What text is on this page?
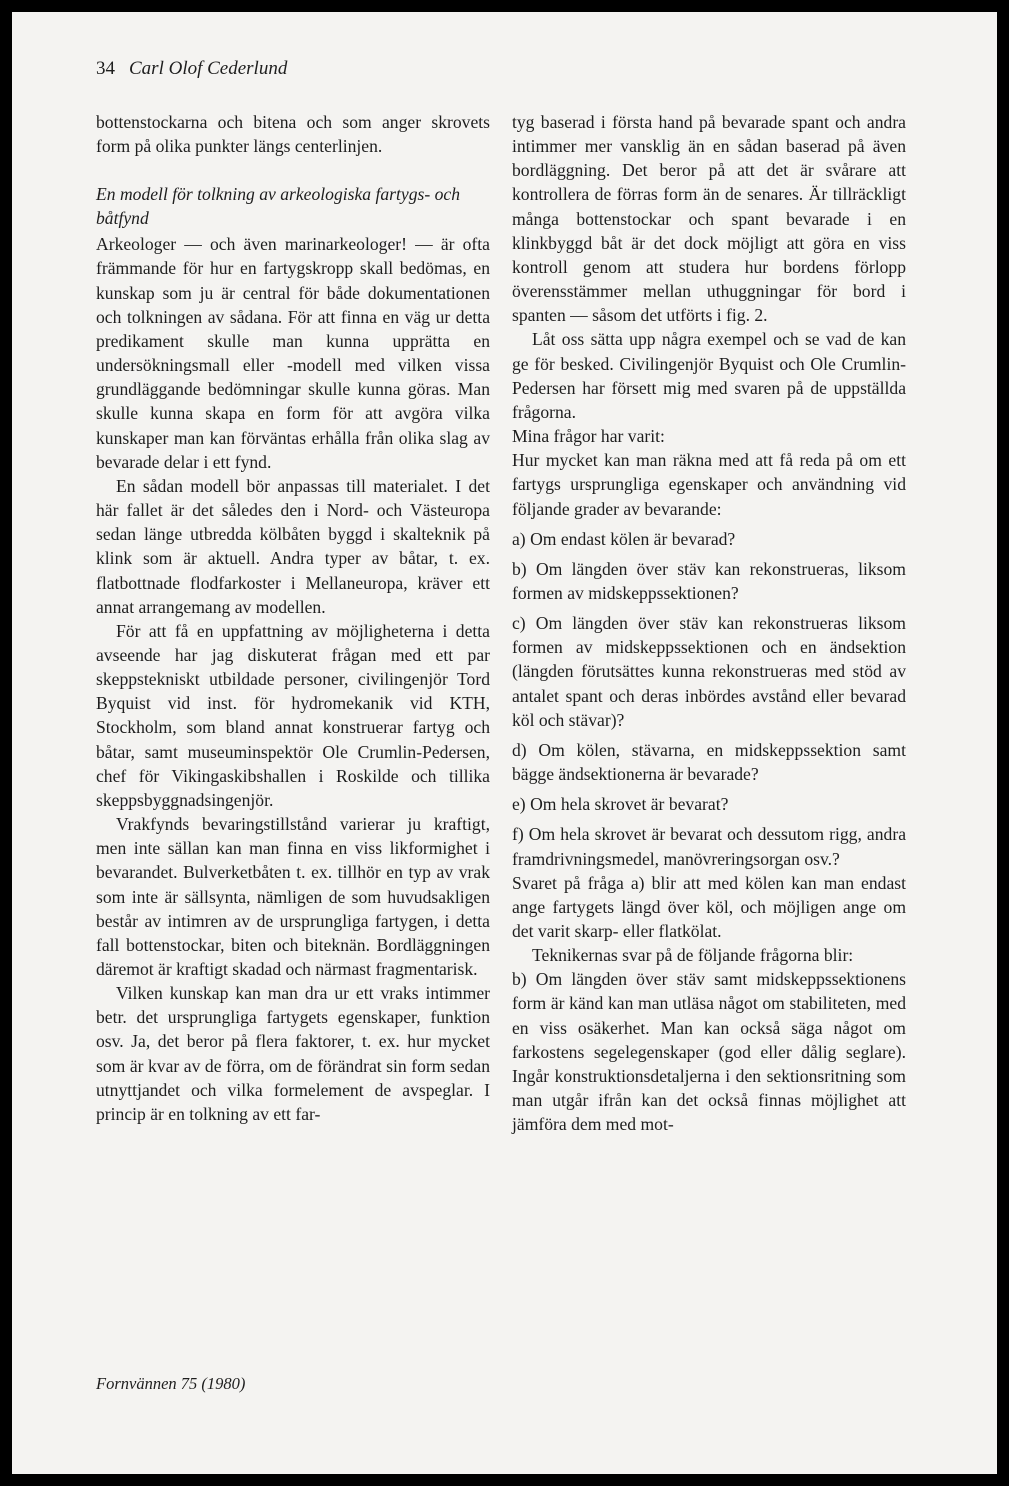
34 Carl Olof Cederlund

bottenstockarna och bitena och som anger skrovets form på olika punkter längs centerlinjen.

En modell för tolkning av arkeologiska fartygs- och båtfynd

Arkeologer — och även marinarkeologer! — är ofta främmande för hur en fartygskropp skall bedömas, en kunskap som ju är central för både dokumentationen och tolkningen av sådana. För att finna en väg ur detta predikament skulle man kunna upprätta en undersökningsmall eller -modell med vilken vissa grundläggande bedömningar skulle kunna göras. Man skulle kunna skapa en form för att avgöra vilka kunskaper man kan förväntas erhålla från olika slag av bevarade delar i ett fynd.

En sådan modell bör anpassas till materialet. I det här fallet är det således den i Nord- och Västeuropa sedan länge utbredda kölbåten byggd i skalteknik på klink som är aktuell. Andra typer av båtar, t. ex. flatbottnade flodfarkoster i Mellaneuropa, kräver ett annat arrangemang av modellen.

För att få en uppfattning av möjligheterna i detta avseende har jag diskuterat frågan med ett par skeppstekniskt utbildade personer, civilingenjör Tord Byquist vid inst. för hydromekanik vid KTH, Stockholm, som bland annat konstruerar fartyg och båtar, samt museuminspektör Ole Crumlin-Pedersen, chef för Vikingaskibshallen i Roskilde och tillika skeppsbyggnadsingenjör.

Vrakfynds bevaringstillstånd varierar ju kraftigt, men inte sällan kan man finna en viss likformighet i bevarandet. Bulverketbåten t. ex. tillhör en typ av vrak som inte är sällsynta, nämligen de som huvudsakligen består av intimren av de ursprungliga fartygen, i detta fall bottenstockar, biten och biteknän. Bordläggningen däremot är kraftigt skadad och närmast fragmentarisk.

Vilken kunskap kan man dra ur ett vraks intimmer betr. det ursprungliga fartygets egenskaper, funktion osv. Ja, det beror på flera faktorer, t. ex. hur mycket som är kvar av de förra, om de förändrat sin form sedan utnyttjandet och vilka formelement de avspeglar. I princip är en tolkning av ett far-

tyg baserad i första hand på bevarade spant och andra intimmer mer vansklig än en sådan baserad på även bordläggning. Det beror på att det är svårare att kontrollera de förras form än de senares. Är tillräckligt många bottenstockar och spant bevarade i en klinkbyggd båt är det dock möjligt att göra en viss kontroll genom att studera hur bordens förlopp överensstämmer mellan uthuggningar för bord i spanten — såsom det utförts i fig. 2.

Låt oss sätta upp några exempel och se vad de kan ge för besked. Civilingenjör Byquist och Ole Crumlin-Pedersen har försett mig med svaren på de uppställda frågorna.

Mina frågor har varit:

Hur mycket kan man räkna med att få reda på om ett fartygs ursprungliga egenskaper och användning vid följande grader av bevarande:

a) Om endast kölen är bevarad?

b) Om längden över stäv kan rekonstrueras, liksom formen av midskeppssektionen?

c) Om längden över stäv kan rekonstrueras liksom formen av midskeppssektionen och en ändsektion (längden förutsättes kunna rekonstrueras med stöd av antalet spant och deras inbördes avstånd eller bevarad köl och stävar)?

d) Om kölen, stävarna, en midskeppssektion samt bägge ändsektionerna är bevarade?

e) Om hela skrovet är bevarat?

f) Om hela skrovet är bevarat och dessutom rigg, andra framdrivningsmedel, manövreringsorgan osv.?

Svaret på fråga a) blir att med kölen kan man endast ange fartygets längd över köl, och möjligen ange om det varit skarp- eller flatkölat.

Teknikernas svar på de följande frågorna blir:

b) Om längden över stäv samt midskeppssektionens form är känd kan man utläsa något om stabiliteten, med en viss osäkerhet. Man kan också säga något om farkostens segelegenskaper (god eller dålig seglare). Ingår konstruktionsdetaljerna i den sektionsritning som man utgår ifrån kan det också finnas möjlighet att jämföra dem med mot-

Fornvännen 75 (1980)
